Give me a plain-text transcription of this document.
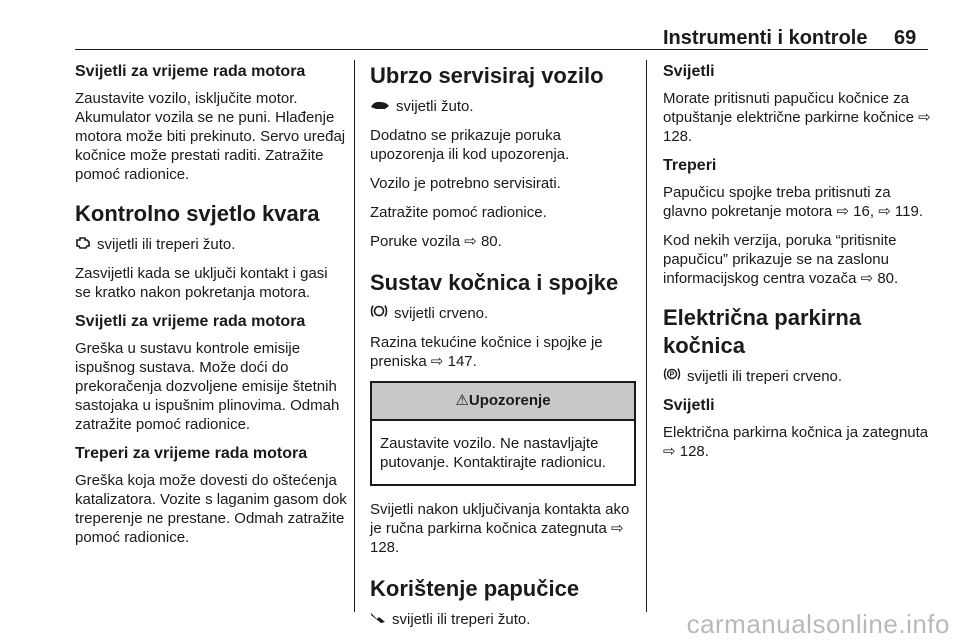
Instrumenti i kontrole 69
Svijetli za vrijeme rada motora

Zaustavite vozilo, isključite motor. Akumulator vozila se ne puni. Hlađenje motora može biti prekinuto. Servo uređaj kočnice može prestati raditi. Zatražite pomoć radionice.

Kontrolno svjetlo kvara

svijetli ili treperi žuto.

Zasvijetli kada se uključi kontakt i gasi se kratko nakon pokretanja motora.

Svijetli za vrijeme rada motora

Greška u sustavu kontrole emisije ispušnog sustava. Može doći do prekoračenja dozvoljene emisije štetnih sastojaka u ispušnim plinovima. Odmah zatražite pomoć radionice.

Treperi za vrijeme rada motora

Greška koja može dovesti do oštećenja katalizatora. Vozite s laganim gasom dok treperenje ne prestane. Odmah zatražite pomoć radionice.

Ubrzo servisiraj vozilo

svijetli žuto.

Dodatno se prikazuje poruka upozorenja ili kod upozorenja.

Vozilo je potrebno servisirati.

Zatražite pomoć radionice.

Poruke vozila ⇨ 80.

Sustav kočnica i spojke

svijetli crveno.

Razina tekućine kočnice i spojke je preniska ⇨ 147.

⚠Upozorenje
Zaustavite vozilo. Ne nastavljajte putovanje. Kontaktirajte radionicu.

Svijetli nakon uključivanja kontakta ako je ručna parkirna kočnica zategnuta ⇨ 128.

Korištenje papučice

svijetli ili treperi žuto.

Svijetli

Morate pritisnuti papučicu kočnice za otpuštanje električne parkirne kočnice ⇨ 128.

Treperi

Papučicu spojke treba pritisnuti za glavno pokretanje motora ⇨ 16, ⇨ 119.

Kod nekih verzija, poruka “pritisnite papučicu” prikazuje se na zaslonu informacijskog centra vozača ⇨ 80.

Električna parkirna kočnica

P svijetli ili treperi crveno.

Svijetli

Električna parkirna kočnica ja zategnuta ⇨ 128.

carmanualsonline.info
